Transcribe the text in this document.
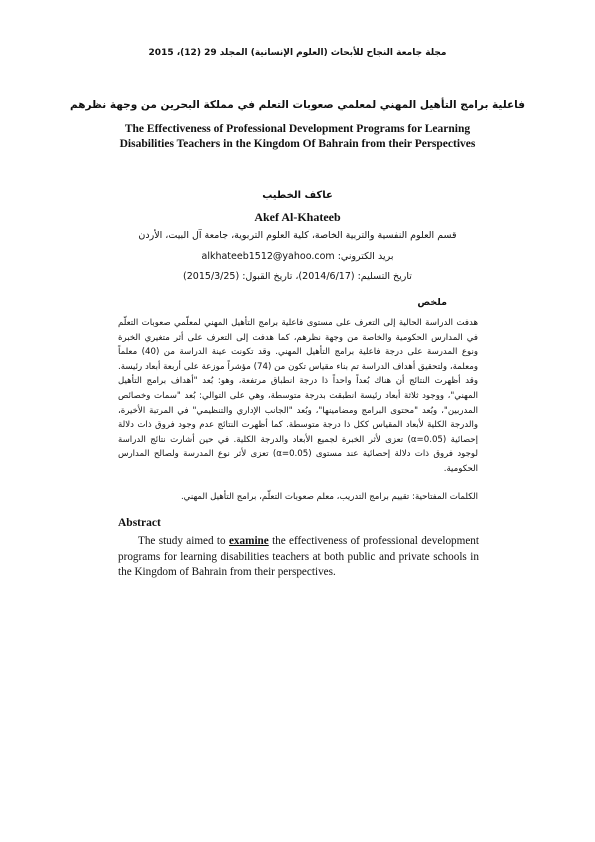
مجلة جامعة النجاح للأبحاث (العلوم الإنسانية) المجلد 29 (12)، 2015
فاعلية برامج التأهيل المهني لمعلمي صعوبات التعلم في مملكة البحرين من وجهة نظرهم
The Effectiveness of Professional Development Programs for Learning Disabilities Teachers in the Kingdom Of Bahrain from their Perspectives
عاكف الخطيب
Akef Al-Khateeb
قسم العلوم النفسية والتربية الخاصة، كلية العلوم التربوية، جامعة آل البيت، الأردن
بريد الكتروني: alkhateeb1512@yahoo.com
تاريخ التسليم: (2014/6/17)، تاريخ القبول: (2015/3/25)
ملخص
هدفت الدراسة الحالية إلى التعرف على مستوى فاعلية برامج التأهيل المهني لمعلّمي صعوبات التعلّم في المدارس الحكومية والخاصة من وجهة نظرهم، كما هدفت إلى التعرف على أثر متغيري الخبرة ونوع المدرسة على درجة فاعلية برامج التأهيل المهني. وقد تكونت عينة الدراسة من (40) معلماً ومعلمة، ولتحقيق أهداف الدراسة تم بناء مقياس تكون من (74) مؤشراً موزعة على أربعة أبعاد رئيسة. وقد أظهرت النتائج أن هناك بُعداً واحداً ذا درجة انطباق مرتفعة، وهو: بُعد "أهداف برامج التأهيل المهني"، ووجود ثلاثة أبعاد رئيسة انطبقت بدرجة متوسطة، وهي على التوالي: بُعد "سمات وخصائص المدربين"، وبُعد "محتوى البرامج ومضامينها"، وبُعد "الجانب الإداري والتنظيمي" في المرتبة الأخيرة، والدرجة الكلية لأبعاد المقياس ككل ذا درجة متوسطة. كما أظهرت النتائج عدم وجود فروق ذات دلالة إحصائية (α=0.05) تعزى لأثر الخبرة لجميع الأبعاد والدرجة الكلية. في حين أشارت نتائج الدراسة لوجود فروق ذات دلالة إحصائية عند مستوى (α=0.05) تعزى لأثر نوع المدرسة ولصالح المدارس الحكومية.
الكلمات المفتاحية: تقييم برامج التدريب، معلم صعوبات التعلّم، برامج التأهيل المهني.
Abstract
The study aimed to examine the effectiveness of professional development programs for learning disabilities teachers at both public and private schools in the Kingdom of Bahrain from their perspectives.
